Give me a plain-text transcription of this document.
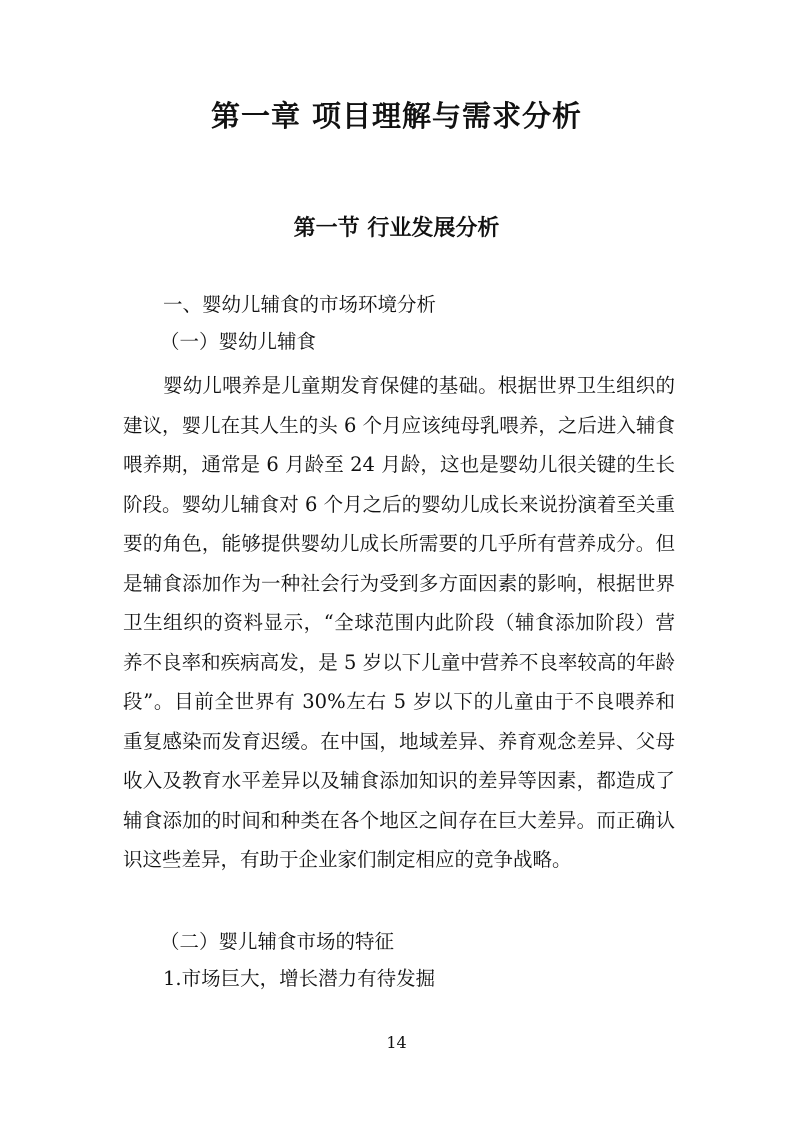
第一章 项目理解与需求分析
第一节 行业发展分析

一、婴幼儿辅食的市场环境分析

（一）婴幼儿辅食

婴幼儿喂养是儿童期发育保健的基础。根据世界卫生组织的建议，婴儿在其人生的头 6 个月应该纯母乳喂养，之后进入辅食喂养期，通常是 6 月龄至 24 月龄，这也是婴幼儿很关键的生长阶段。婴幼儿辅食对 6 个月之后的婴幼儿成长来说扮演着至关重要的角色，能够提供婴幼儿成长所需要的几乎所有营养成分。但是辅食添加作为一种社会行为受到多方面因素的影响，根据世界卫生组织的资料显示，“全球范围内此阶段（辅食添加阶段）营养不良率和疾病高发，是 5 岁以下儿童中营养不良率较高的年龄段”。目前全世界有 30%左右 5 岁以下的儿童由于不良喂养和重复感染而发育迟缓。在中国，地域差异、养育观念差异、父母收入及教育水平差异以及辅食添加知识的差异等因素，都造成了辅食添加的时间和种类在各个地区之间存在巨大差异。而正确认识这些差异，有助于企业家们制定相应的竞争战略。

（二）婴儿辅食市场的特征

1.市场巨大，增长潜力有待发掘

14
